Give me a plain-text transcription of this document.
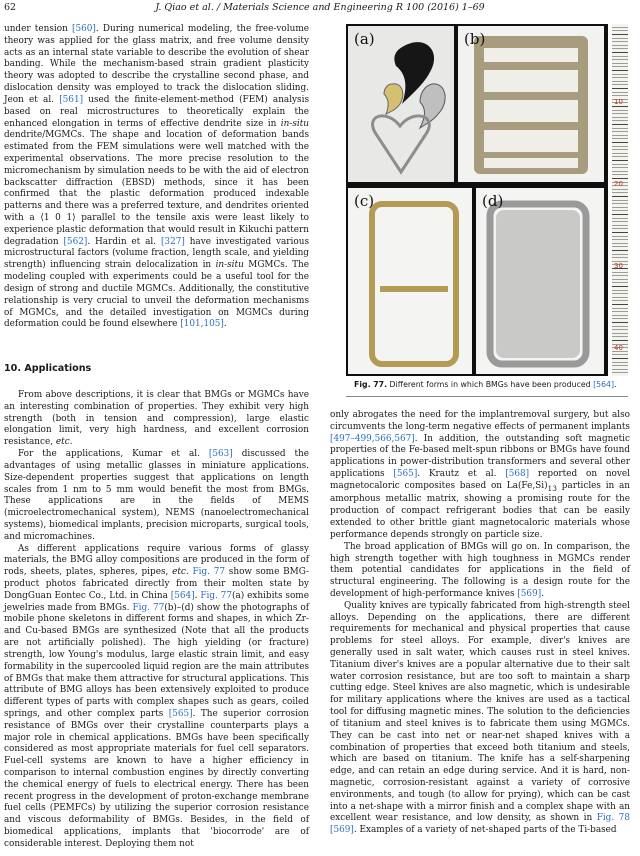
62	J. Qiao et al. / Materials Science and Engineering R 100 (2016) 1–69

under tension [560]. During numerical modeling, the free-volume theory was applied for the glass matrix, and free volume density acts as an internal state variable to describe the evolution of shear banding. While the mechanism-based strain gradient plasticity theory was adopted to describe the crystalline second phase, and dislocation density was employed to track the dislocation sliding. Jeon et al. [561] used the finite-element-method (FEM) analysis based on real microstructures to theoretically explain the enhanced elongation in terms of effective dendrite size in in-situ dendrite/MGMCs. The shape and location of deformation bands estimated from the FEM simulations were well matched with the experimental observations. The more precise resolution to the micromechanism by simulation needs to be with the aid of electron backscatter diffraction (EBSD) methods, since it has been confirmed that the plastic deformation produced indexable patterns and there was a preferred texture, and dendrites oriented with a ⟨1 0 1⟩ parallel to the tensile axis were least likely to experience plastic deformation that would result in Kikuchi pattern degradation [562]. Hardin et al. [327] have investigated various microstructural factors (volume fraction, length scale, and yielding strength) influencing strain delocalization in in-situ MGMCs. The modeling coupled with experiments could be a useful tool for the design of strong and ductile MGMCs. Additionally, the constitutive relationship is very crucial to unveil the deformation mechanisms of MGMCs, and the detailed investigation on MGMCs during deformation could be found elsewhere [101,105].

10. Applications

From above descriptions, it is clear that BMGs or MGMCs have an interesting combination of properties. They exhibit very high strength (both in tension and compression), large elastic elongation limit, very high hardness, and excellent corrosion resistance, etc.

For the applications, Kumar et al. [563] discussed the advantages of using metallic glasses in miniature applications. Size-dependent properties suggest that applications on length scales from 1 nm to 5 mm would benefit the most from BMGs. These applications are in the fields of MEMS (microelectromechanical system), NEMS (nanoelectromechanical systems), biomedical implants, precision microparts, surgical tools, and micromachines.

As different applications require various forms of glassy materials, the BMG alloy compositions are produced in the form of rods, sheets, plates, spheres, pipes, etc. Fig. 77 show some BMG-product photos fabricated directly from their molten state by DongGuan Eontec Co., Ltd. in China [564]. Fig. 77(a) exhibits some jewelries made from BMGs. Fig. 77(b)–(d) show the photographs of mobile phone skeletons in different forms and shapes, in which Zr- and Cu-based BMGs are synthesized (Note that all the products are not artificially polished). The high yielding (or fracture) strength, low Young's modulus, large elastic strain limit, and easy formability in the supercooled liquid region are the main attributes of BMGs that make them attractive for structural applications. This attribute of BMG alloys has been extensively exploited to produce different types of parts with complex shapes such as gears, coiled springs, and other complex parts [565]. The superior corrosion resistance of BMGs over their crystalline counterparts plays a major role in chemical applications. BMGs have been specifically considered as most appropriate materials for fuel cell separators. Fuel-cell systems are known to have a higher efficiency in comparison to internal combustion engines by directly converting the chemical energy of fuels to electrical energy. There has been recent progress in the development of proton-exchange membrane fuel cells (PEMFCs) by utilizing the superior corrosion resistance and viscous deformability of BMGs. Besides, in the field of biomedical applications, implants that 'biocorrode' are of considerable interest. Deploying them not

(a)	(b)
(c)	(d)
10
20
30
40
Fig. 77. Different forms in which BMGs have been produced [564].

only abrogates the need for the implantremoval surgery, but also circumvents the long-term negative effects of permanent implants [497–499,566,567]. In addition, the outstanding soft magnetic properties of the Fe-based melt-spun ribbons or BMGs have found applications in power-distribution transformers and several other applications [565]. Krautz et al. [568] reported on novel magnetocaloric composites based on $La(Fe,Si)_{13}$ particles in an amorphous metallic matrix, showing a promising route for the production of compact refrigerant bodies that can be easily extended to other brittle giant magnetocaloric materials whose performance depends strongly on particle size.

The broad application of BMGs will go on. In comparison, the high strength together with high toughness in MGMCs render them potential candidates for applications in the field of structural engineering. The following is a design route for the development of high-performance knives [569].

Quality knives are typically fabricated from high-strength steel alloys. Depending on the applications, there are different requirements for mechanical and physical properties that cause problems for steel alloys. For example, diver's knives are generally used in salt water, which causes rust in steel knives. Titanium diver's knives are a popular alternative due to their salt water corrosion resistance, but are too soft to maintain a sharp cutting edge. Steel knives are also magnetic, which is undesirable for military applications where the knives are used as a tactical tool for diffusing magnetic mines. The solution to the deficiencies of titanium and steel knives is to fabricate them using MGMCs. They can be cast into net or near-net shaped knives with a combination of properties that exceed both titanium and steels, which are based on titanium. The knife has a self-sharpening edge, and can retain an edge during service. And it is hard, non-magnetic, corrosion-resistant against a variety of corrosive environments, and tough (to allow for prying), which can be cast into a net-shape with a mirror finish and a complex shape with an excellent wear resistance, and low density, as shown in Fig. 78 [569]. Examples of a variety of net-shaped parts of the Ti-based
